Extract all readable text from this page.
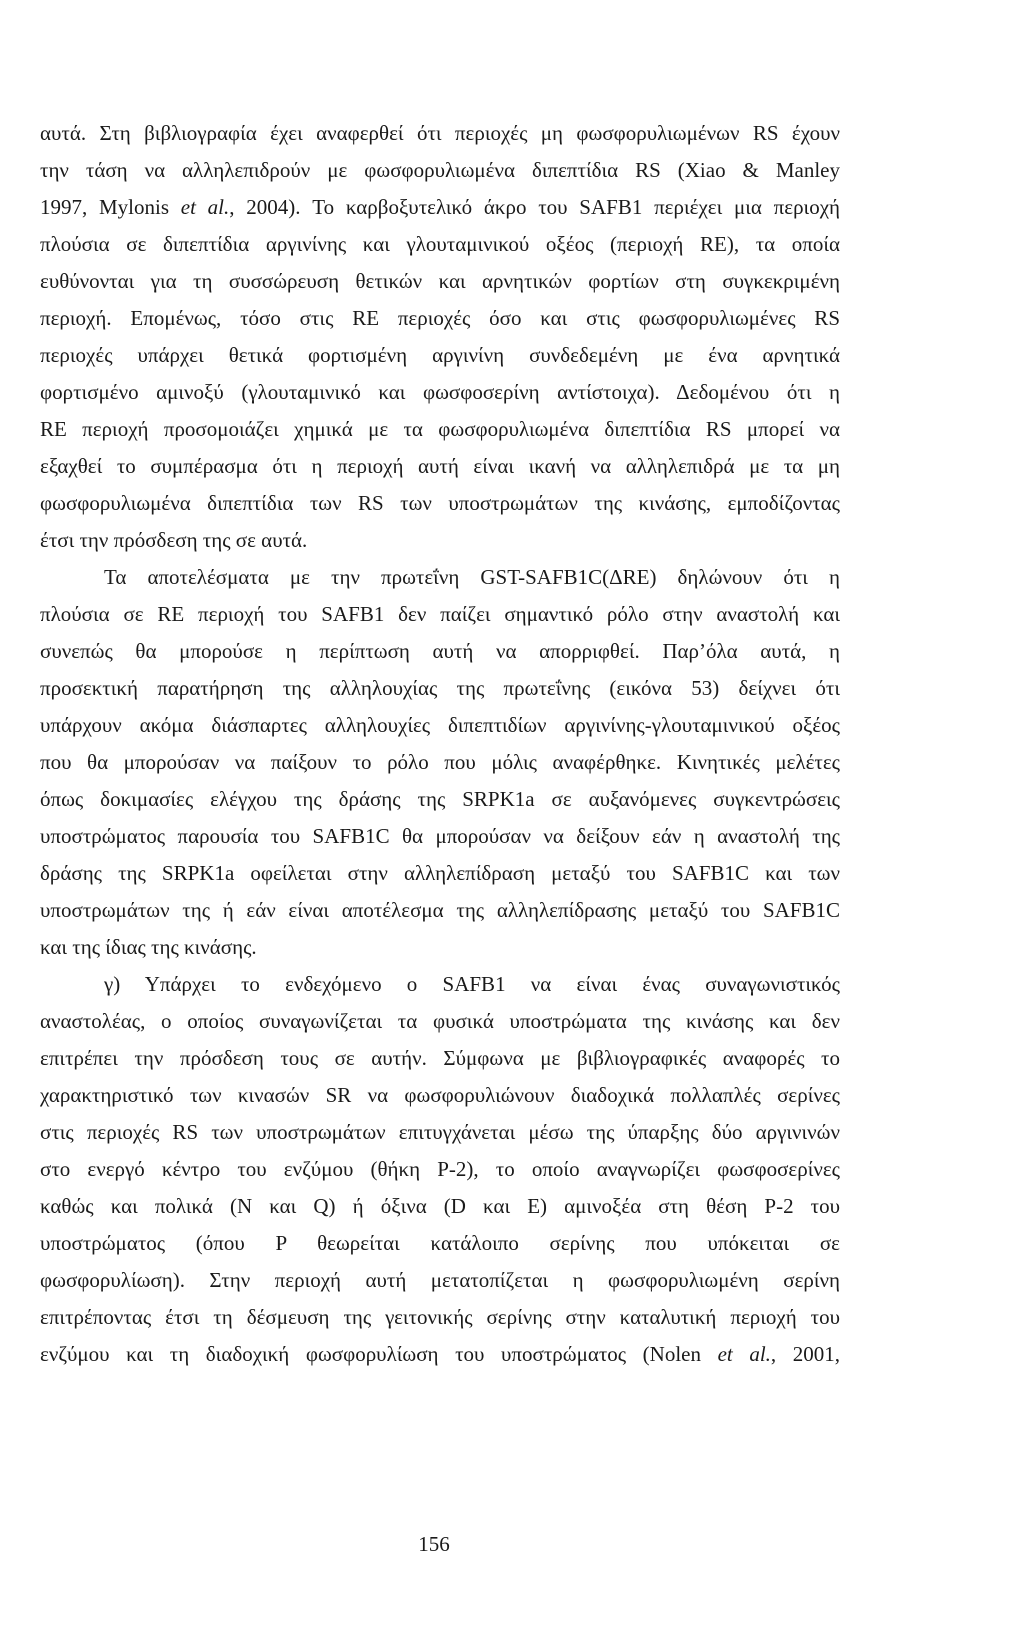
αυτά. Στη βιβλιογραφία έχει αναφερθεί ότι περιοχές μη φωσφορυλιωμένων RS έχουν
την τάση να αλληλεπιδρούν με φωσφορυλιωμένα διπεπτίδια RS (Xiao & Manley
1997, Mylonis et al., 2004). Το καρβοξυτελικό άκρο του SAFB1 περιέχει μια περιοχή
πλούσια σε διπεπτίδια αργινίνης και γλουταμινικού οξέος (περιοχή RE), τα οποία
ευθύνονται για τη συσσώρευση θετικών και αρνητικών φορτίων στη συγκεκριμένη
περιοχή. Επομένως, τόσο στις RE περιοχές όσο και στις φωσφορυλιωμένες RS
περιοχές υπάρχει θετικά φορτισμένη αργινίνη συνδεδεμένη με ένα αρνητικά
φορτισμένο αμινοξύ (γλουταμινικό και φωσφοσερίνη αντίστοιχα). Δεδομένου ότι η
RE περιοχή προσομοιάζει χημικά με τα φωσφορυλιωμένα διπεπτίδια RS μπορεί να
εξαχθεί το συμπέρασμα ότι η περιοχή αυτή είναι ικανή να αλληλεπιδρά με τα μη
φωσφορυλιωμένα διπεπτίδια των RS των υποστρωμάτων της κινάσης, εμποδίζοντας
έτσι την πρόσδεση της σε αυτά.
Τα αποτελέσματα με την πρωτεΐνη GST-SAFB1C(ΔRE) δηλώνουν ότι η
πλούσια σε RE περιοχή του SAFB1 δεν παίζει σημαντικό ρόλο στην αναστολή και
συνεπώς θα μπορούσε η περίπτωση αυτή να απορριφθεί. Παρ’όλα αυτά, η
προσεκτική παρατήρηση της αλληλουχίας της πρωτεΐνης (εικόνα 53) δείχνει ότι
υπάρχουν ακόμα διάσπαρτες αλληλουχίες διπεπτιδίων αργινίνης-γλουταμινικού οξέος
που θα μπορούσαν να παίξουν το ρόλο που μόλις αναφέρθηκε. Κινητικές μελέτες
όπως δοκιμασίες ελέγχου της δράσης της SRPK1a σε αυξανόμενες συγκεντρώσεις
υποστρώματος παρουσία του SAFB1C θα μπορούσαν να δείξουν εάν η αναστολή της
δράσης της SRPK1a οφείλεται στην αλληλεπίδραση μεταξύ του SAFB1C και των
υποστρωμάτων της ή εάν είναι αποτέλεσμα της αλληλεπίδρασης μεταξύ του SAFB1C
και της ίδιας της κινάσης.
γ) Υπάρχει το ενδεχόμενο ο SAFB1 να είναι ένας συναγωνιστικός
αναστολέας, ο οποίος συναγωνίζεται τα φυσικά υποστρώματα της κινάσης και δεν
επιτρέπει την πρόσδεση τους σε αυτήν. Σύμφωνα με βιβλιογραφικές αναφορές το
χαρακτηριστικό των κινασών SR να φωσφορυλιώνουν διαδοχικά πολλαπλές σερίνες
στις περιοχές RS των υποστρωμάτων επιτυγχάνεται μέσω της ύπαρξης δύο αργινινών
στο ενεργό κέντρο του ενζύμου (θήκη P-2), το οποίο αναγνωρίζει φωσφοσερίνες
καθώς και πολικά (N και Q) ή όξινα (D και E) αμινοξέα στη θέση P-2 του
υποστρώματος (όπου P θεωρείται κατάλοιπο σερίνης που υπόκειται σε
φωσφορυλίωση). Στην περιοχή αυτή μετατοπίζεται η φωσφορυλιωμένη σερίνη
επιτρέποντας έτσι τη δέσμευση της γειτονικής σερίνης στην καταλυτική περιοχή του
ενζύμου και τη διαδοχική φωσφορυλίωση του υποστρώματος (Nolen et al., 2001,
156
